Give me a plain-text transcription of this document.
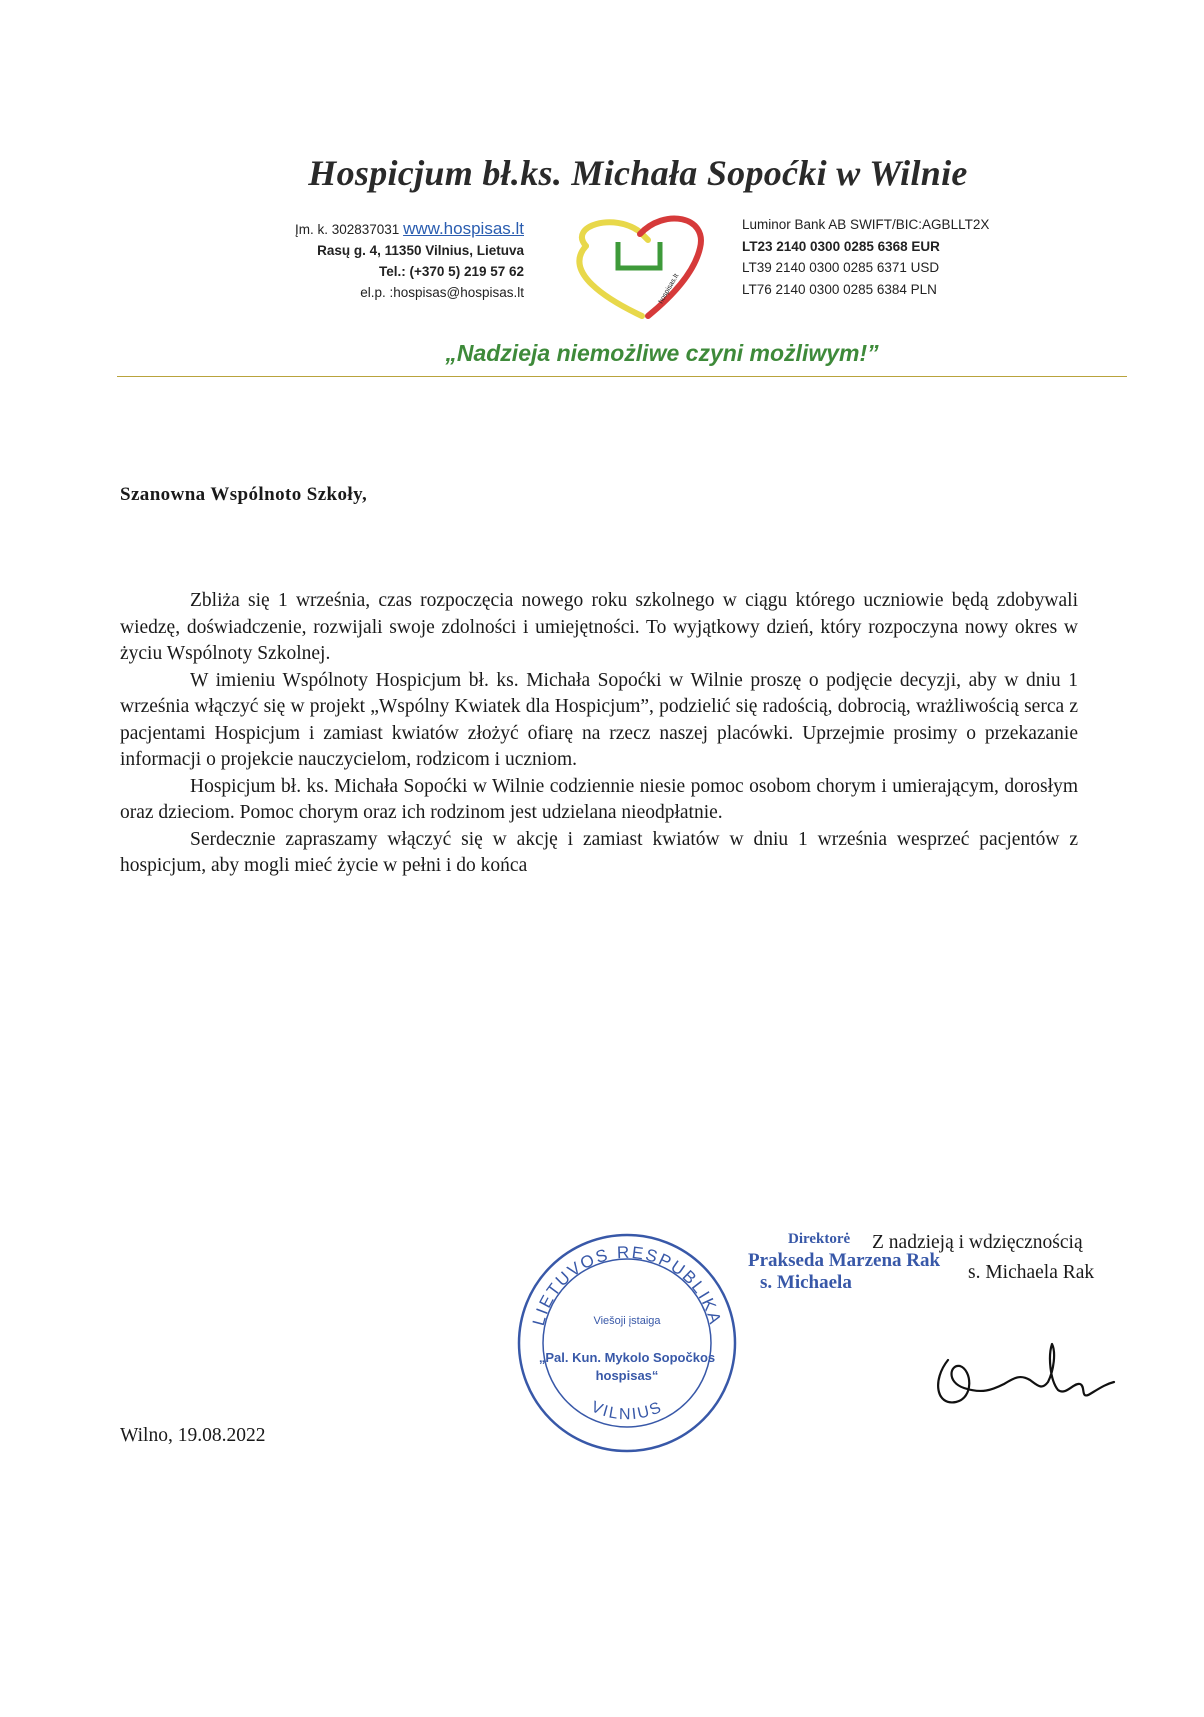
Hospicjum bł.ks. Michała Sopoćki w Wilnie
Įm. k. 302837031 www.hospisas.lt
Rasų g. 4, 11350 Vilnius, Lietuva
Tel.: (+370 5) 219 57 62
el.p. :hospisas@hospisas.lt	hospisas.lt
Luminor Bank AB SWIFT/BIC:AGBLLT2X
LT23 2140 0300 0285 6368 EUR
LT39 2140 0300 0285 6371 USD
LT76 2140 0300 0285 6384 PLN
„Nadzieja niemożliwe czyni możliwym!”
Szanowna Wspólnoto Szkoły,

Zbliża się 1 września, czas rozpoczęcia nowego roku szkolnego w ciągu którego uczniowie będą zdobywali wiedzę, doświadczenie, rozwijali swoje zdolności i umiejętności. To wyjątkowy dzień, który rozpoczyna nowy okres w życiu Wspólnoty Szkolnej.

W imieniu Wspólnoty Hospicjum bł. ks. Michała Sopoćki w Wilnie proszę o podjęcie decyzji, aby w dniu 1 września włączyć się w projekt „Wspólny Kwiatek dla Hospicjum”, podzielić się radością, dobrocią, wrażliwością serca z pacjentami Hospicjum i zamiast kwiatów złożyć ofiarę na rzecz naszej placówki. Uprzejmie prosimy o przekazanie informacji o projekcie nauczycielom, rodzicom i uczniom.

Hospicjum bł. ks. Michała Sopoćki w Wilnie codziennie niesie pomoc osobom chorym i umierającym, dorosłym oraz dzieciom. Pomoc chorym oraz ich rodzinom jest udzielana nieodpłatnie.

Serdecznie zapraszamy włączyć się w akcję i zamiast kwiatów w dniu 1 września wesprzeć pacjentów z hospicjum, aby mogli mieć życie w pełni i do końca

LIETUVOS RESPUBLIKA
VILNIUS
Viešoji įstaiga
„Pal. Kun. Mykolo Sopočkos
hospisas“
Direktorė
Prakseda Marzena Rak
s. Michaela
Z nadzieją i wdzięcznością
s. Michaela Rak
Wilno, 19.08.2022
